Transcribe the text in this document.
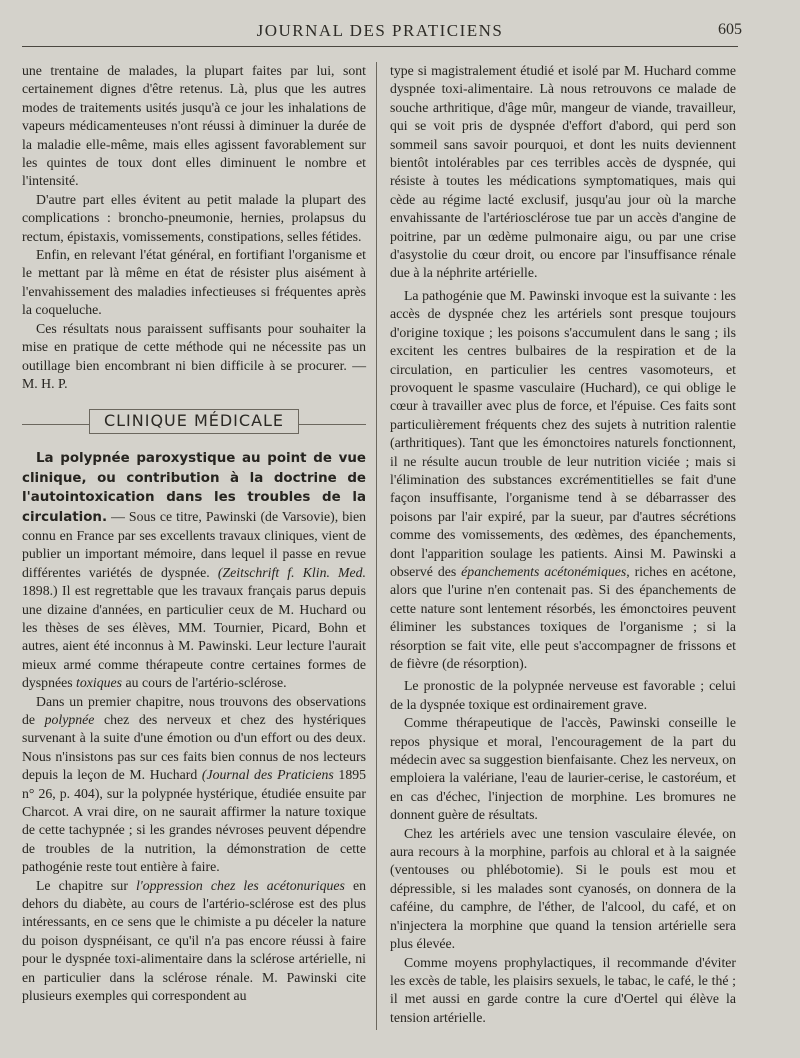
JOURNAL DES PRATICIENS	605

une trentaine de malades, la plupart faites par lui, sont certainement dignes d'être retenus. Là, plus que les autres modes de traitements usités jusqu'à ce jour les inhalations de vapeurs médicamenteuses n'ont réussi à diminuer la durée de la maladie elle-même, mais elles agissent favorablement sur les quintes de toux dont elles diminuent le nombre et l'intensité.

D'autre part elles évitent au petit malade la plupart des complications : broncho-pneumonie, hernies, prolapsus du rectum, épistaxis, vomissements, constipations, selles fétides.

Enfin, en relevant l'état général, en fortifiant l'organisme et le mettant par là même en état de résister plus aisément à l'envahissement des maladies infectieuses si fréquentes après la coqueluche.

Ces résultats nous paraissent suffisants pour souhaiter la mise en pratique de cette méthode qui ne nécessite pas un outillage bien encombrant ni bien difficile à se procurer. — M. H. P.

CLINIQUE MÉDICALE

La polypnée paroxystique au point de vue clinique, ou contribution à la doctrine de l'autointoxication dans les troubles de la circulation. — Sous ce titre, Pawinski (de Varsovie), bien connu en France par ses excellents travaux cliniques, vient de publier un important mémoire, dans lequel il passe en revue différentes variétés de dyspnée. (Zeitschrift f. Klin. Med. 1898.) Il est regrettable que les travaux français parus depuis une dizaine d'années, en particulier ceux de M. Huchard ou les thèses de ses élèves, MM. Tournier, Picard, Bohn et autres, aient été inconnus à M. Pawinski. Leur lecture l'aurait mieux armé comme thérapeute contre certaines formes de dyspnées toxiques au cours de l'artério-sclérose.

Dans un premier chapitre, nous trouvons des observations de polypnée chez des nerveux et chez des hystériques survenant à la suite d'une émotion ou d'un effort ou des deux. Nous n'insistons pas sur ces faits bien connus de nos lecteurs depuis la leçon de M. Huchard (Journal des Praticiens 1895 n° 26, p. 404), sur la polypnée hystérique, étudiée ensuite par Charcot. A vrai dire, on ne saurait affirmer la nature toxique de cette tachypnée ; si les grandes névroses peuvent dépendre de troubles de la nutrition, la démonstration de cette pathogénie reste tout entière à faire.

Le chapitre sur l'oppression chez les acétonuriques en dehors du diabète, au cours de l'artério-sclérose est des plus intéressants, en ce sens que le chimiste a pu déceler la nature du poison dyspnéisant, ce qu'il n'a pas encore réussi à faire pour le dyspnée toxi-alimentaire dans la sclérose artérielle, ni en particulier dans la sclérose rénale. M. Pawinski cite plusieurs exemples qui correspondent au

type si magistralement étudié et isolé par M. Huchard comme dyspnée toxi-alimentaire. Là nous retrouvons ce malade de souche arthritique, d'âge mûr, mangeur de viande, travailleur, qui se voit pris de dyspnée d'effort d'abord, qui perd son sommeil sans savoir pourquoi, et dont les nuits deviennent bientôt intolérables par ces terribles accès de dyspnée, qui résiste à toutes les médications symptomatiques, mais qui cède au régime lacté exclusif, jusqu'au jour où la marche envahissante de l'artériosclérose tue par un accès d'angine de poitrine, par un œdème pulmonaire aigu, ou par une crise d'asystolie du cœur droit, ou encore par l'insuffisance rénale due à la néphrite artérielle.

La pathogénie que M. Pawinski invoque est la suivante : les accès de dyspnée chez les artériels sont presque toujours d'origine toxique ; les poisons s'accumulent dans le sang ; ils excitent les centres bulbaires de la respiration et de la circulation, en particulier les centres vasomoteurs, et provoquent le spasme vasculaire (Huchard), ce qui oblige le cœur à travailler avec plus de force, et l'épuise. Ces faits sont particulièrement fréquents chez des sujets à nutrition ralentie (arthritiques). Tant que les émonctoires naturels fonctionnent, il ne résulte aucun trouble de leur nutrition viciée ; mais si l'élimination des substances excrémentitielles se fait d'une façon insuffisante, l'organisme tend à se débarrasser des poisons par l'air expiré, par la sueur, par d'autres sécrétions comme des vomissements, des œdèmes, des épanchements, dont l'apparition soulage les patients. Ainsi M. Pawinski a observé des épanchements acétonémiques, riches en acétone, alors que l'urine n'en contenait pas. Si des épanchements de cette nature sont lentement résorbés, les émonctoires peuvent éliminer les substances toxiques de l'organisme ; si la résorption se fait vite, elle peut s'accompagner de frissons et de fièvre (de résorption).

Le pronostic de la polypnée nerveuse est favorable ; celui de la dyspnée toxique est ordinairement grave.

Comme thérapeutique de l'accès, Pawinski conseille le repos physique et moral, l'encouragement de la part du médecin avec sa suggestion bienfaisante. Chez les nerveux, on emploiera la valériane, l'eau de laurier-cerise, le castoréum, et en cas d'échec, l'injection de morphine. Les bromures ne donnent guère de résultats.

Chez les artériels avec une tension vasculaire élevée, on aura recours à la morphine, parfois au chloral et à la saignée (ventouses ou phlébotomie). Si le pouls est mou et dépressible, si les malades sont cyanosés, on donnera de la caféine, du camphre, de l'éther, de l'alcool, du café, et on n'injectera la morphine que quand la tension artérielle sera plus élevée.

Comme moyens prophylactiques, il recommande d'éviter les excès de table, les plaisirs sexuels, le tabac, le café, le thé ; il met aussi en garde contre la cure d'Oertel qui élève la tension artérielle.
